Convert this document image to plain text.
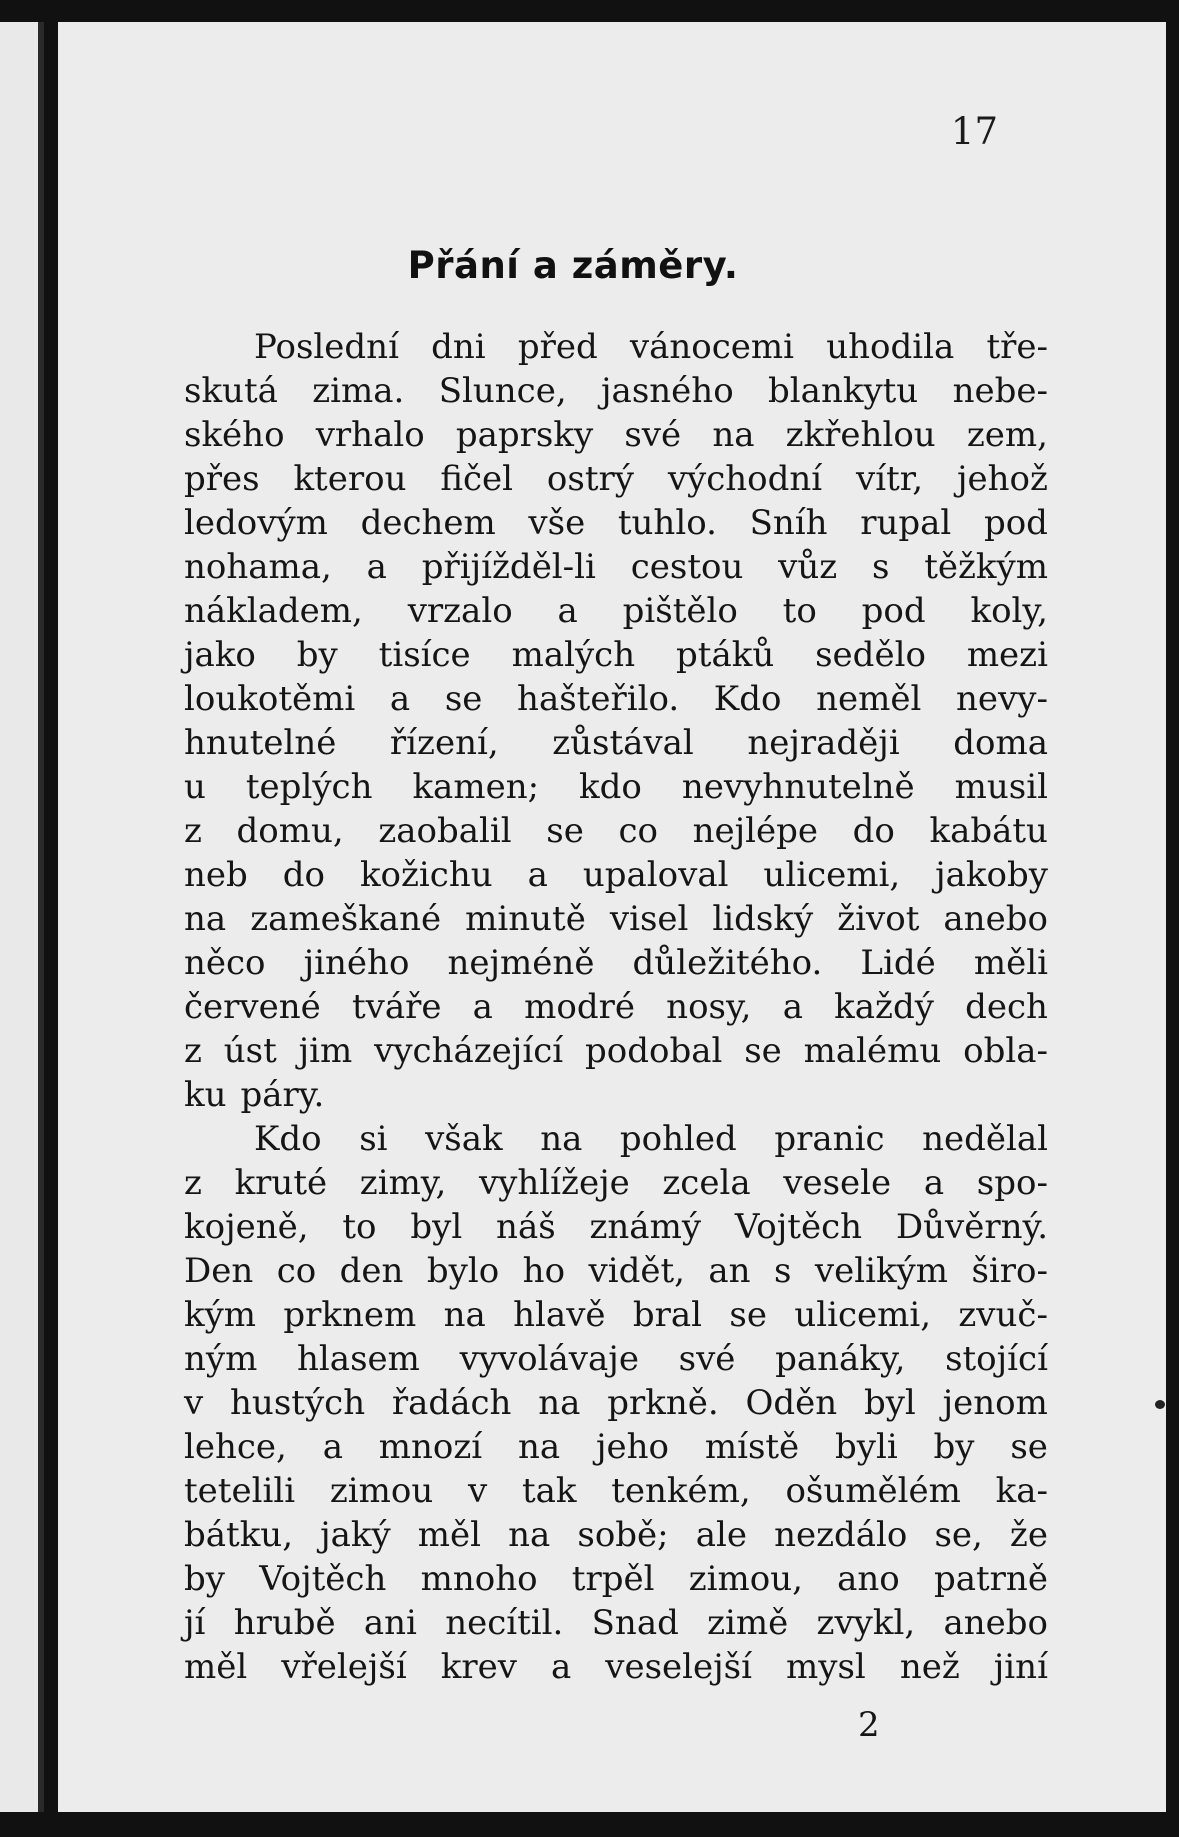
17
Přání a záměry.
Poslední dni před vánocemi uhodila tře-
skutá zima. Slunce, jasného blankytu nebe-
ského vrhalo paprsky své na zkřehlou zem,
přes kterou fičel ostrý východní vítr, jehož
ledovým dechem vše tuhlo. Sníh rupal pod
nohama, a přijížděl-li cestou vůz s těžkým
nákladem, vrzalo a pištělo to pod koly,
jako by tisíce malých ptáků sedělo mezi
loukotěmi a se hašteřilo. Kdo neměl nevy-
hnutelné řízení, zůstával nejraději doma
u teplých kamen; kdo nevyhnutelně musil
z domu, zaobalil se co nejlépe do kabátu
neb do kožichu a upaloval ulicemi, jakoby
na zameškané minutě visel lidský život anebo
něco jiného nejméně důležitého. Lidé měli
červené tváře a modré nosy, a každý dech
z úst jim vycházející podobal se malému obla-
ku páry.
Kdo si však na pohled pranic nedělal
z kruté zimy, vyhlížeje zcela vesele a spo-
kojeně, to byl náš známý Vojtěch Důvěrný.
Den co den bylo ho vidět, an s velikým širo-
kým prknem na hlavě bral se ulicemi, zvuč-
ným hlasem vyvolávaje své panáky, stojící
v hustých řadách na prkně. Oděn byl jenom
lehce, a mnozí na jeho místě byli by se
tetelili zimou v tak tenkém, ošumělém ka-
bátku, jaký měl na sobě; ale nezdálo se, že
by Vojtěch mnoho trpěl zimou, ano patrně
jí hrubě ani necítil. Snad zimě zvykl, anebo
měl vřelejší krev a veselejší mysl než jiní
2
